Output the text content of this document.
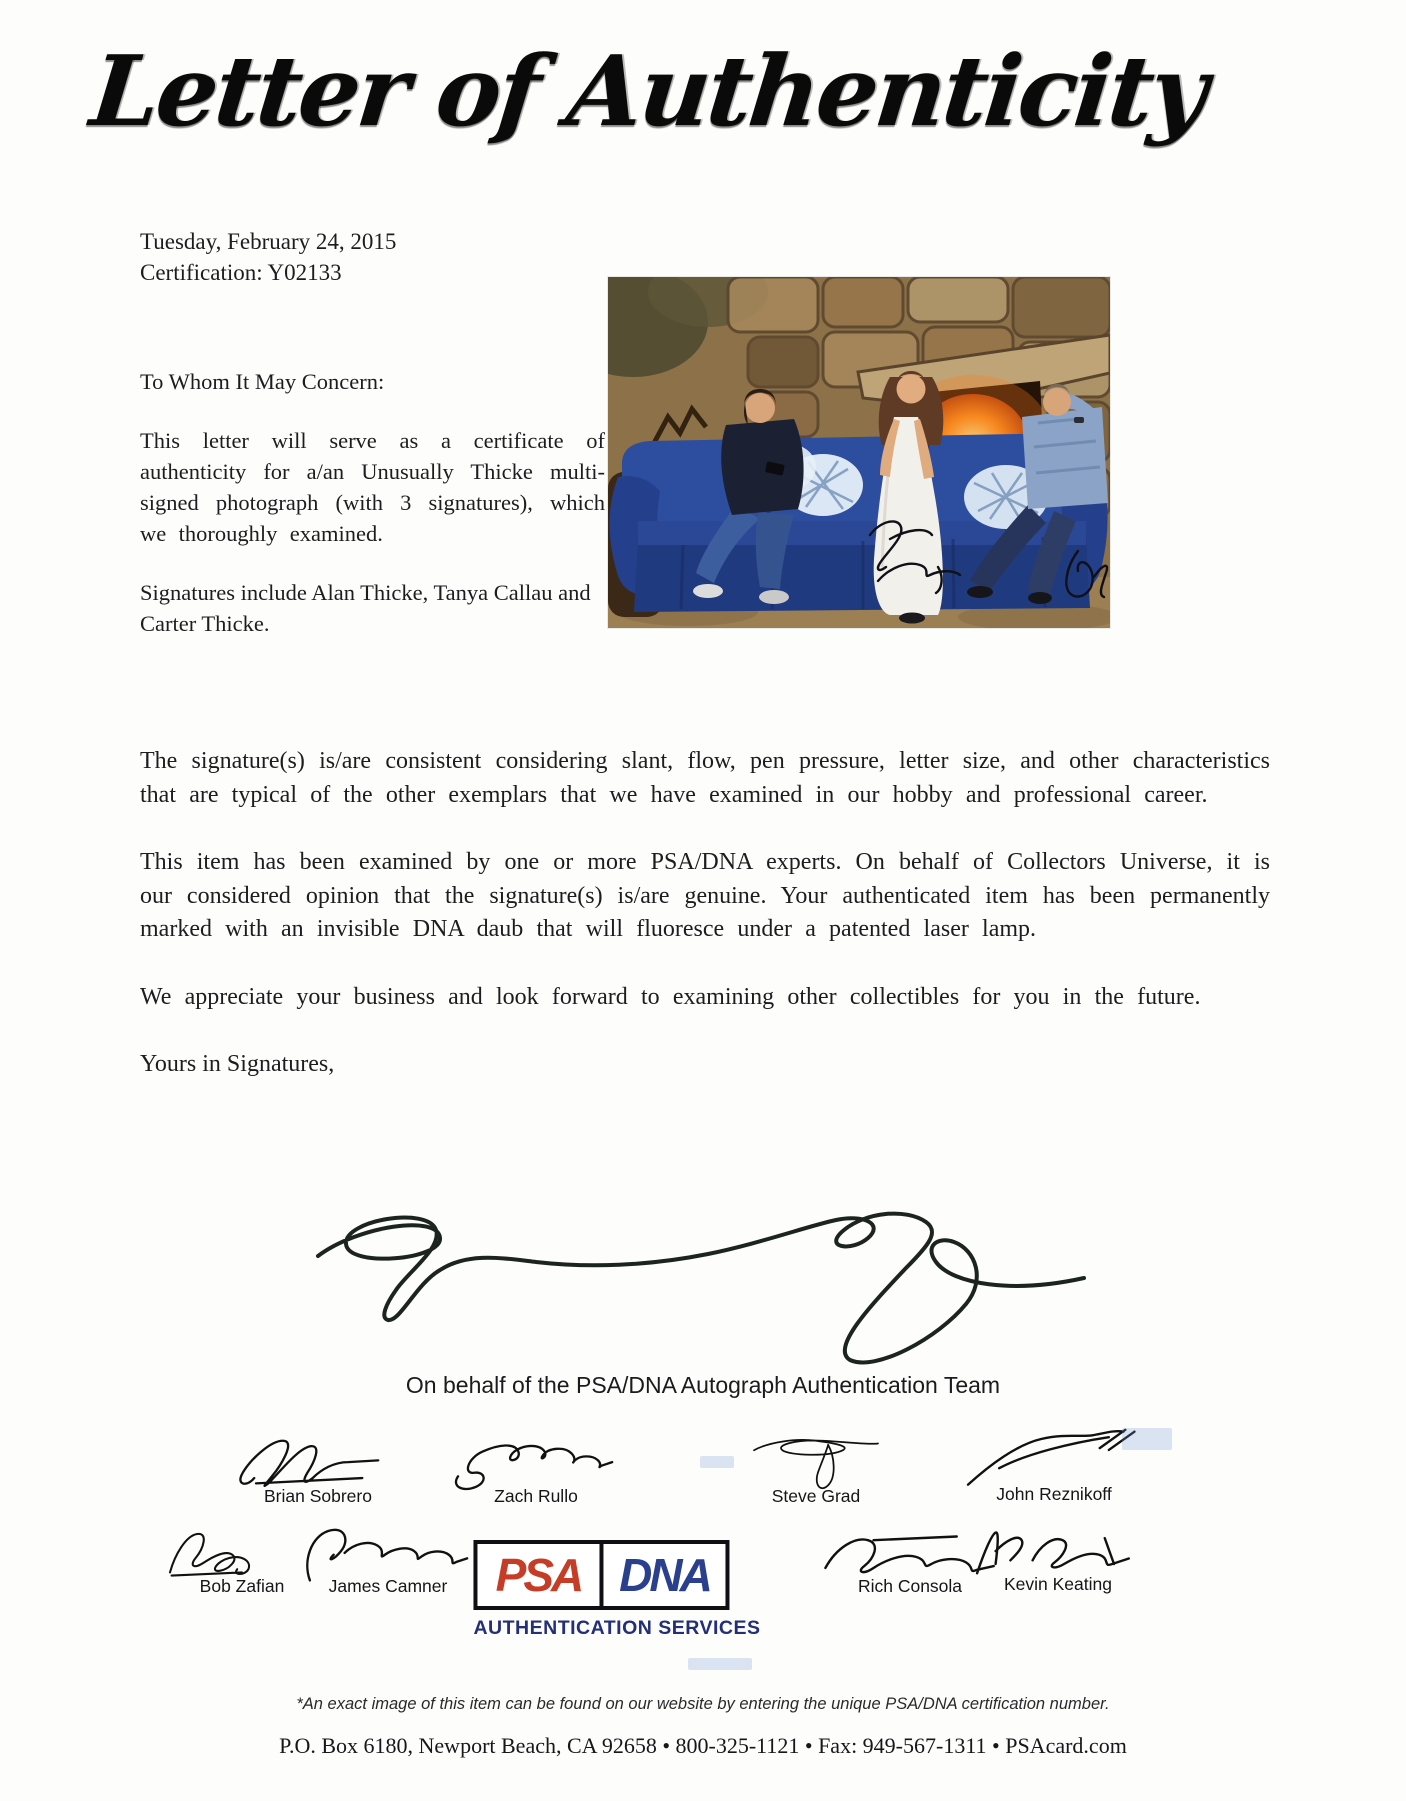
Letter of Authenticity
Tuesday, February 24, 2015
Certification: Y02133

To Whom It May Concern:

This letter will serve as a certificate of authenticity for a/an Unusually Thicke multi-signed photograph (with 3 signatures), which we thoroughly examined.

Signatures include Alan Thicke, Tanya Callau and Carter Thicke.

The signature(s) is/are consistent considering slant, flow, pen pressure, letter size, and other characteristics that are typical of the other exemplars that we have examined in our hobby and professional career.

This item has been examined by one or more PSA/DNA experts. On behalf of Collectors Universe, it is our considered opinion that the signature(s) is/are genuine. Your authenticated item has been permanently marked with an invisible DNA daub that will fluoresce under a patented laser lamp.

We appreciate your business and look forward to examining other collectibles for you in the future.

Yours in Signatures,

On behalf of the PSA/DNA Autograph Authentication Team
Brian Sobrero	Zach Rullo	Steve Grad	John Reznikoff
Bob Zafian	James Camner	Rich Consola	Kevin Keating
PSA DNA
AUTHENTICATION SERVICES
*An exact image of this item can be found on our website by entering the unique PSA/DNA certification number.
P.O. Box 6180, Newport Beach, CA 92658 • 800-325-1121 • Fax: 949-567-1311 • PSAcard.com
